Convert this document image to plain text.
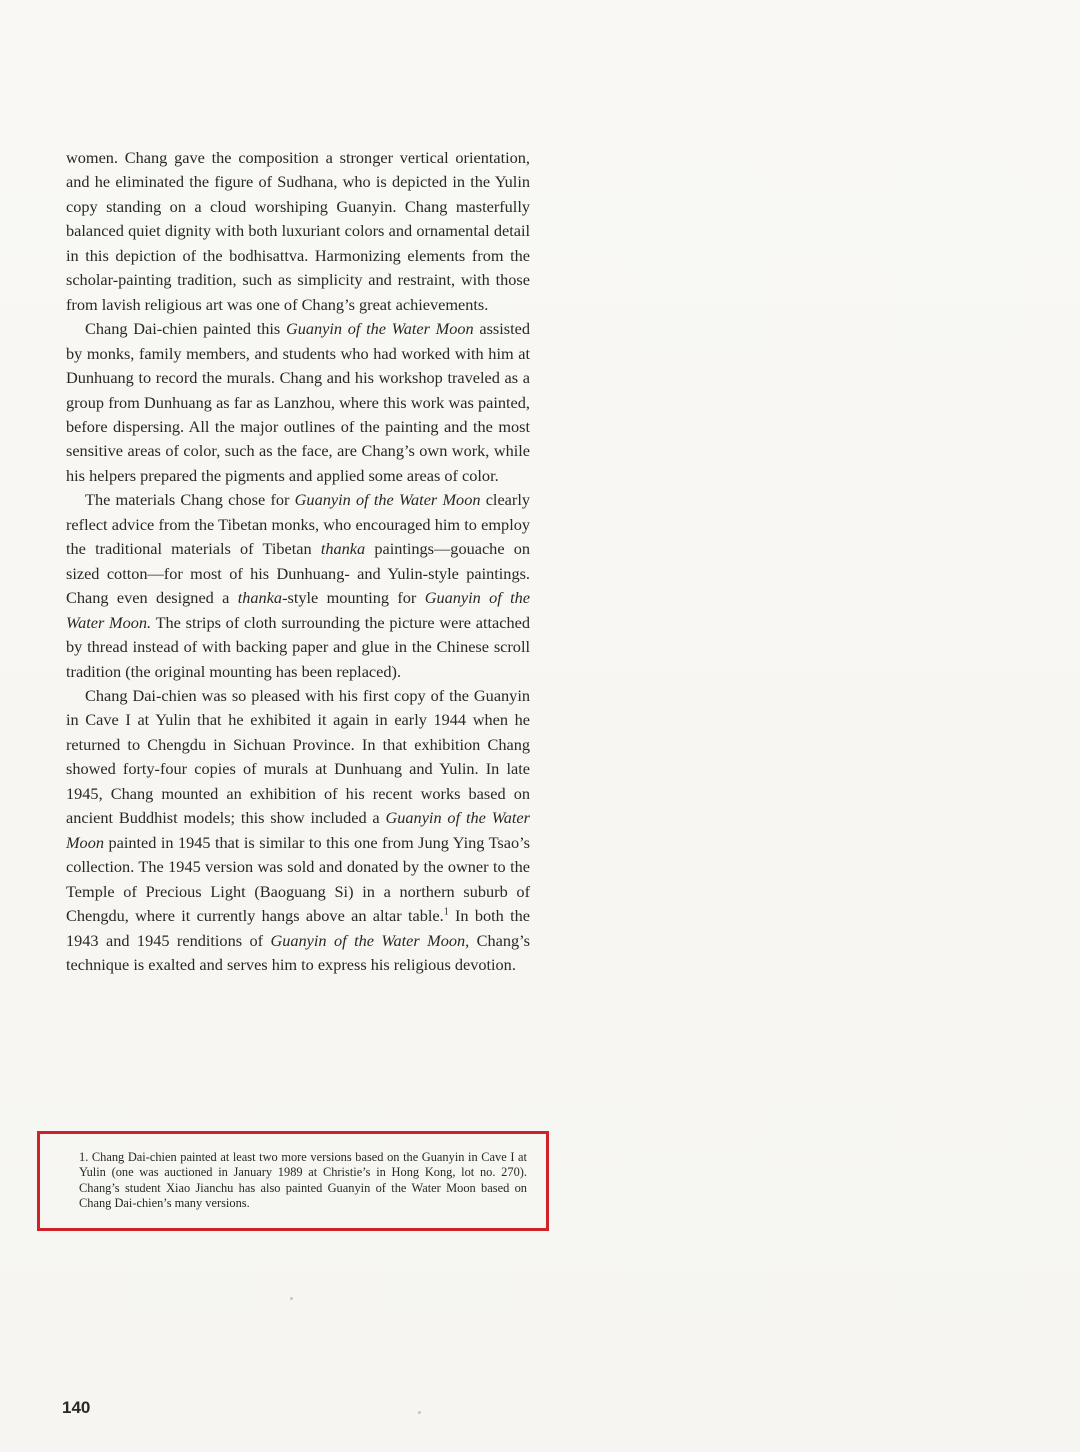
women. Chang gave the composition a stronger vertical orientation, and he eliminated the figure of Sudhana, who is depicted in the Yulin copy standing on a cloud worshiping Guanyin. Chang masterfully balanced quiet dignity with both luxuriant colors and ornamental detail in this depiction of the bodhisattva. Harmonizing elements from the scholar-painting tradition, such as simplicity and restraint, with those from lavish religious art was one of Chang’s great achievements.

Chang Dai-chien painted this Guanyin of the Water Moon assisted by monks, family members, and students who had worked with him at Dunhuang to record the murals. Chang and his workshop traveled as a group from Dunhuang as far as Lanzhou, where this work was painted, before dispersing. All the major outlines of the painting and the most sensitive areas of color, such as the face, are Chang’s own work, while his helpers prepared the pigments and applied some areas of color.

The materials Chang chose for Guanyin of the Water Moon clearly reflect advice from the Tibetan monks, who encouraged him to employ the traditional materials of Tibetan thanka paintings—gouache on sized cotton—for most of his Dunhuang- and Yulin-style paintings. Chang even designed a thanka-style mounting for Guanyin of the Water Moon. The strips of cloth surrounding the picture were attached by thread instead of with backing paper and glue in the Chinese scroll tradition (the original mounting has been replaced).

Chang Dai-chien was so pleased with his first copy of the Guanyin in Cave I at Yulin that he exhibited it again in early 1944 when he returned to Chengdu in Sichuan Province. In that exhibition Chang showed forty-four copies of murals at Dunhuang and Yulin. In late 1945, Chang mounted an exhibition of his recent works based on ancient Buddhist models; this show included a Guanyin of the Water Moon painted in 1945 that is similar to this one from Jung Ying Tsao’s collection. The 1945 version was sold and donated by the owner to the Temple of Precious Light (Baoguang Si) in a northern suburb of Chengdu, where it currently hangs above an altar table.$^1$ In both the 1943 and 1945 renditions of Guanyin of the Water Moon, Chang’s technique is exalted and serves him to express his religious devotion.

1. Chang Dai-chien painted at least two more versions based on the Guanyin in Cave I at Yulin (one was auctioned in January 1989 at Christie’s in Hong Kong, lot no. 270). Chang’s student Xiao Jianchu has also painted Guanyin of the Water Moon based on Chang Dai-chien’s many versions.

140
